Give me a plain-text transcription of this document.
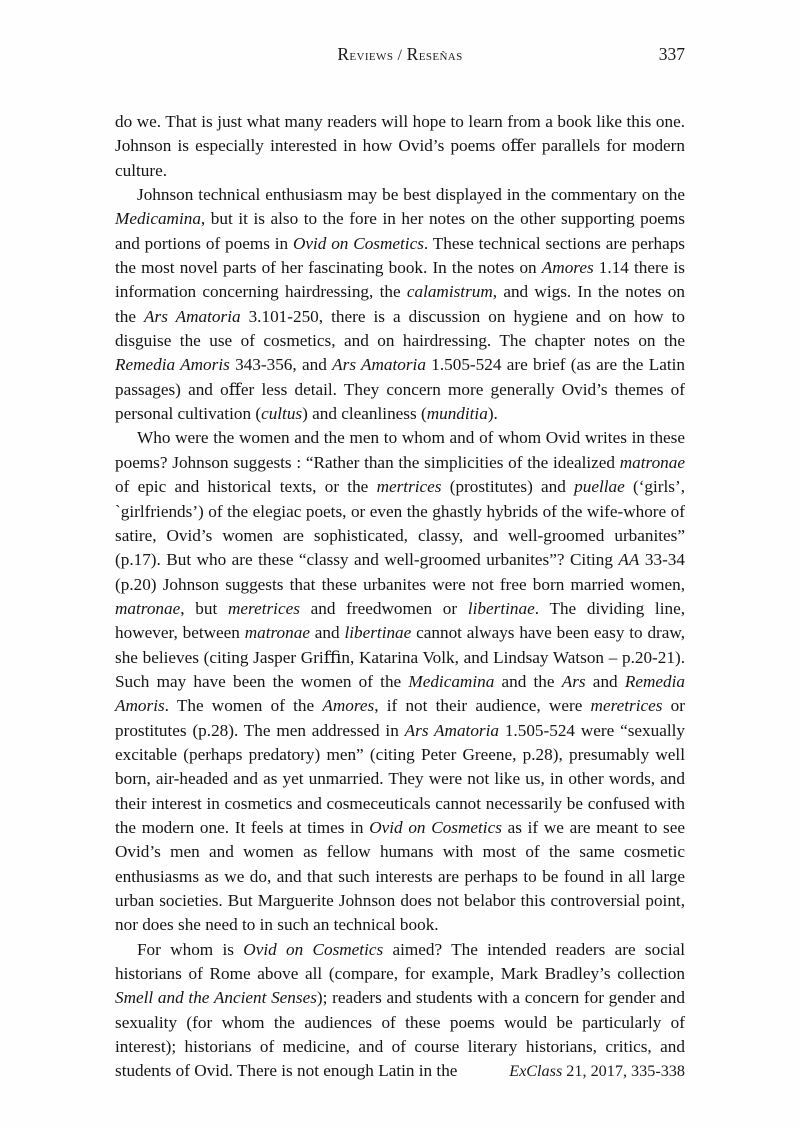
Reviews / Reseñas	337

do we. That is just what many readers will hope to learn from a book like this one. Johnson is especially interested in how Ovid’s poems oﬀer parallels for modern culture.

Johnson technical enthusiasm may be best displayed in the commentary on the Medicamina, but it is also to the fore in her notes on the other supporting poems and portions of poems in Ovid on Cosmetics. These technical sections are perhaps the most novel parts of her fascinating book. In the notes on Amores 1.14 there is information concerning hairdressing, the calamistrum, and wigs. In the notes on the Ars Amatoria 3.101-250, there is a discussion on hygiene and on how to disguise the use of cosmetics, and on hairdressing. The chapter notes on the Remedia Amoris 343-356, and Ars Amatoria 1.505-524 are brief (as are the Latin passages) and oﬀer less detail. They concern more generally Ovid’s themes of personal cultivation (cultus) and cleanliness (munditia).

Who were the women and the men to whom and of whom Ovid writes in these poems? Johnson suggests : “Rather than the simplicities of the idealized matronae of epic and historical texts, or the mertrices (prostitutes) and puellae (‘girls’, `girlfriends’) of the elegiac poets, or even the ghastly hybrids of the wife-whore of satire, Ovid’s women are sophisticated, classy, and well-groomed urbanites” (p.17). But who are these “classy and well-groomed urbanites”? Citing AA 33-34 (p.20) Johnson suggests that these urbanites were not free born married women, matronae, but meretrices and freedwomen or libertinae. The dividing line, however, between matronae and libertinae cannot always have been easy to draw, she believes (citing Jasper Griﬃn, Katarina Volk, and Lindsay Watson – p.20-21). Such may have been the women of the Medicamina and the Ars and Remedia Amoris. The women of the Amores, if not their audience, were meretrices or prostitutes (p.28). The men addressed in Ars Amatoria 1.505-524 were “sexually excitable (perhaps predatory) men” (citing Peter Greene, p.28), presumably well born, air-headed and as yet unmarried. They were not like us, in other words, and their interest in cosmetics and cosmeceuticals cannot necessarily be confused with the modern one. It feels at times in Ovid on Cosmetics as if we are meant to see Ovid’s men and women as fellow humans with most of the same cosmetic enthusiasms as we do, and that such interests are perhaps to be found in all large urban societies. But Marguerite Johnson does not belabor this controversial point, nor does she need to in such an technical book.

For whom is Ovid on Cosmetics aimed? The intended readers are social historians of Rome above all (compare, for example, Mark Bradley’s collection Smell and the Ancient Senses); readers and students with a concern for gender and sexuality (for whom the audiences of these poems would be particularly of interest); historians of medicine, and of course literary historians, critics, and students of Ovid. There is not enough Latin in the	ExClass 21, 2017, 335-338
